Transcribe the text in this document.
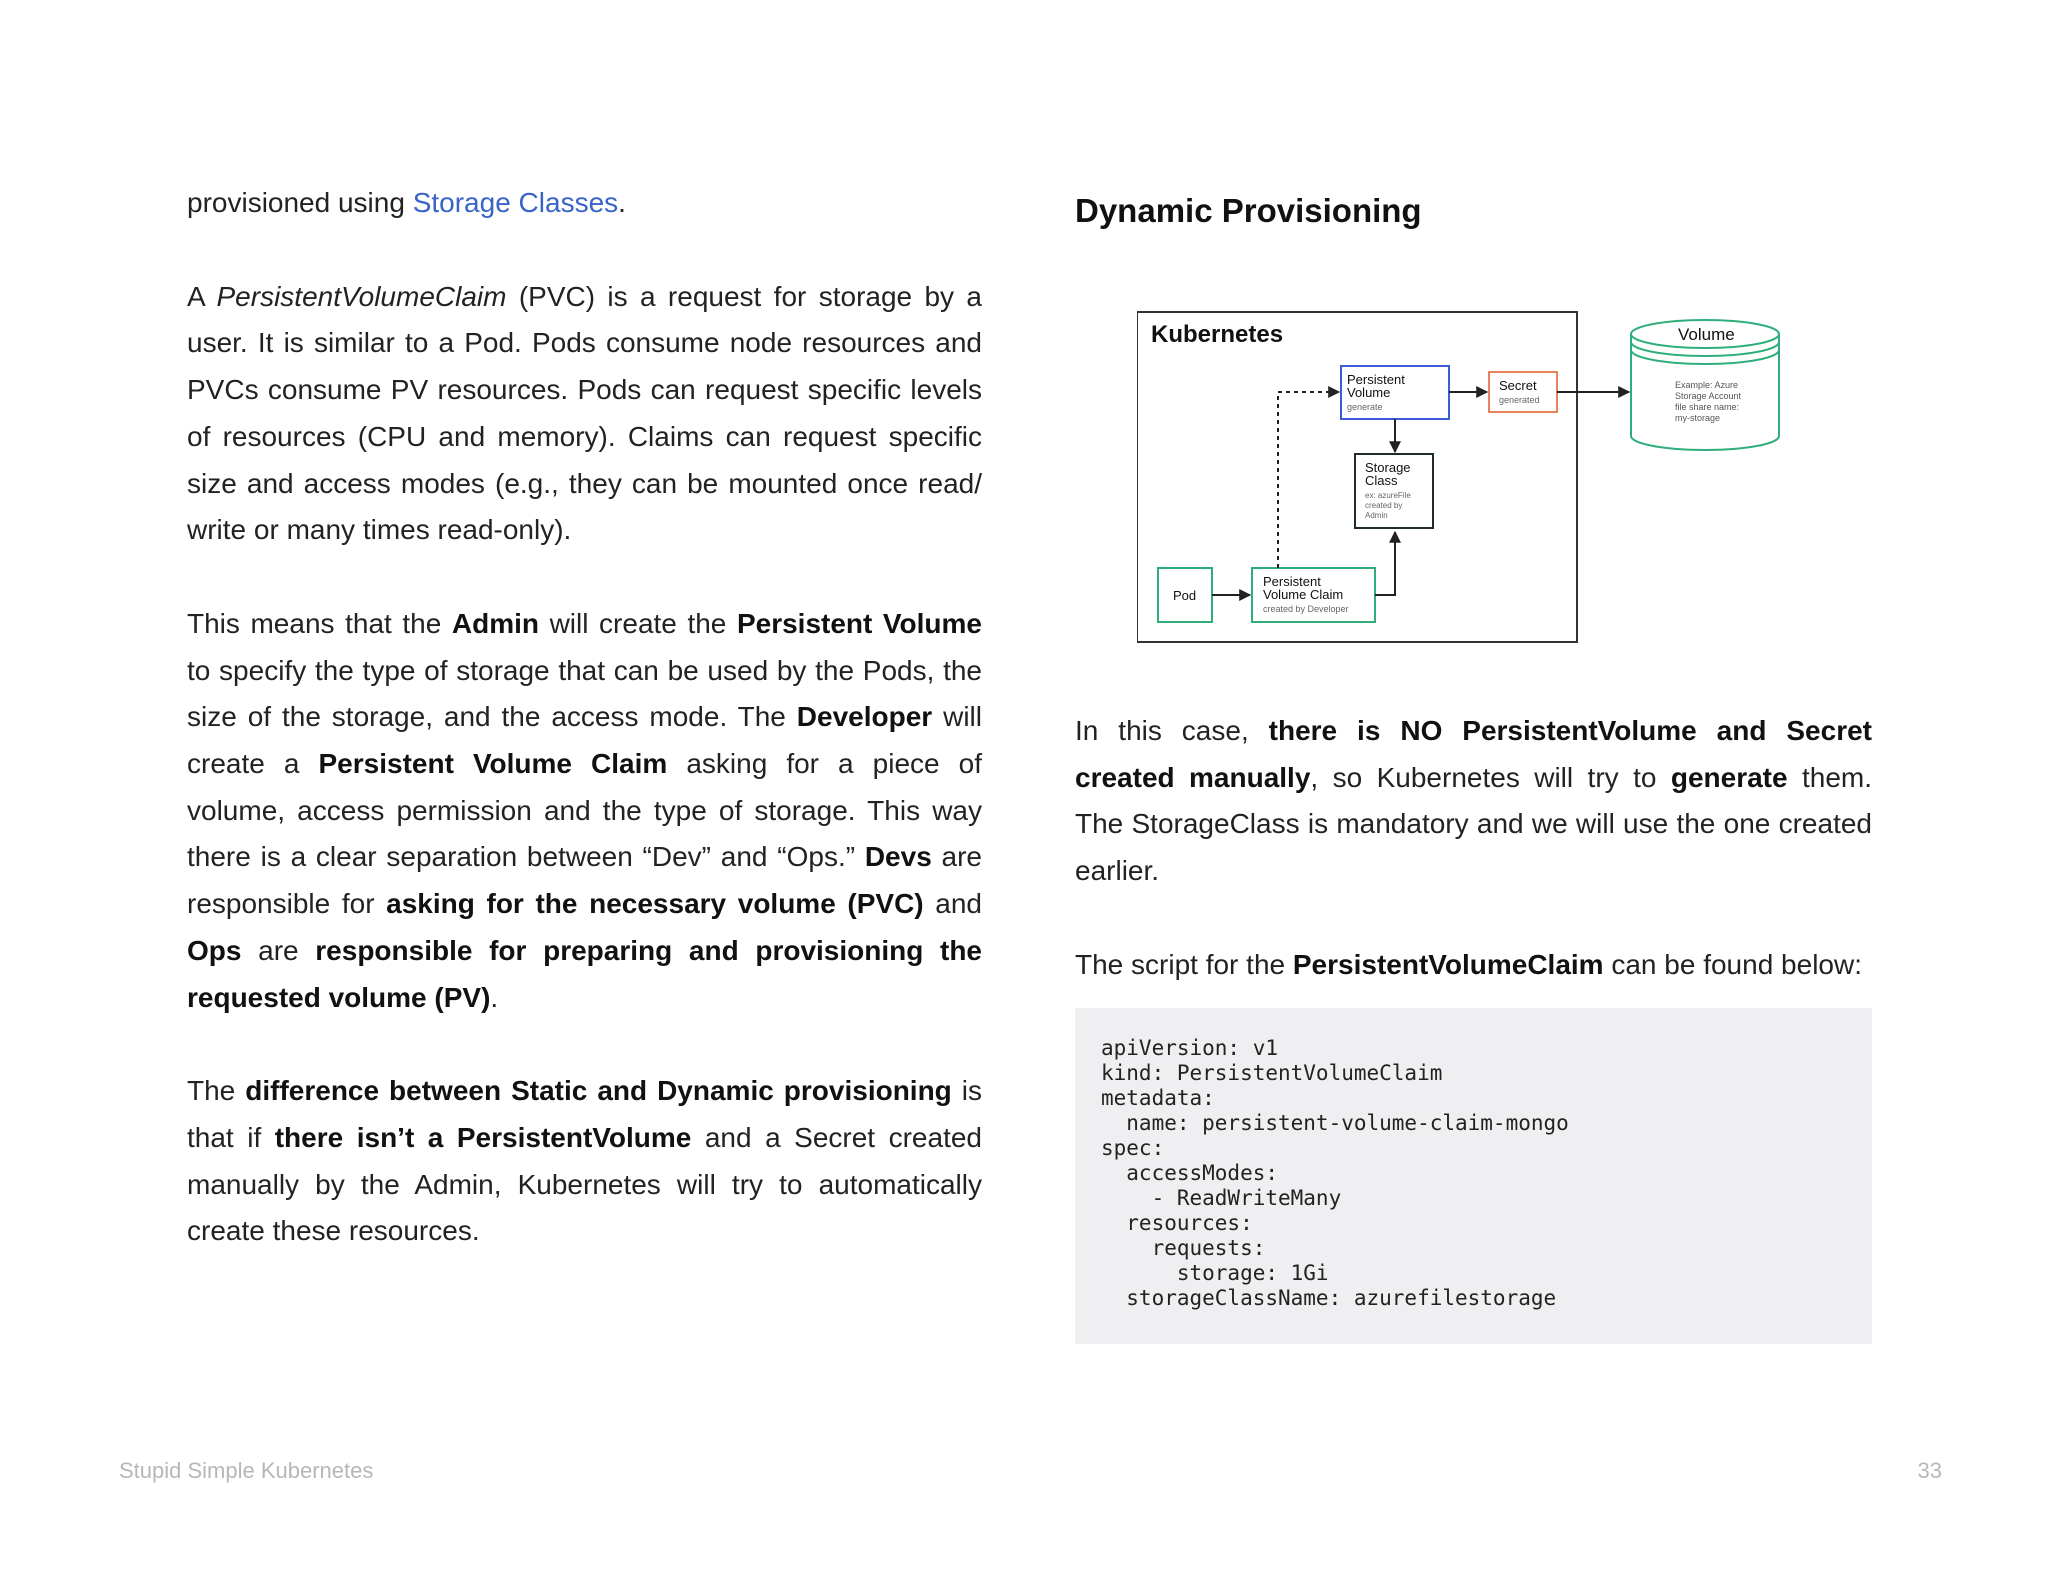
provisioned using Storage Classes.

A PersistentVolumeClaim (PVC) is a request for storage by a user. It is similar to a Pod. Pods consume node resources and PVCs consume PV resources. Pods can request specific levels of resources (CPU and memory). Claims can request specific size and access modes (e.g., they can be mounted once read/ write or many times read-only).

This means that the Admin will create the Persistent Volume to specify the type of storage that can be used by the Pods, the size of the storage, and the access mode. The Developer will create a Persistent Volume Claim asking for a piece of volume, access permission and the type of storage. This way there is a clear separation between “Dev” and “Ops.” Devs are responsible for asking for the necessary volume (PVC) and Ops are responsible for preparing and provisioning the requested volume (PV).

The difference between Static and Dynamic provisioning is that if there isn’t a PersistentVolume and a Secret created manually by the Admin, Kubernetes will try to automatically create these resources.

Dynamic Provisioning

In this case, there is NO PersistentVolume and Secret created manually, so Kubernetes will try to generate them. The StorageClass is mandatory and we will use the one created earlier.

The script for the PersistentVolumeClaim can be found below:

Kubernetes
Persistent
Volume
generate
Secret
generated
Storage
Class
ex: azureFile
created by
Admin
Pod
Persistent
Volume Claim
created by Developer
Volume
Example: Azure
Storage Account
file share name:
my-storage
apiVersion: v1
kind: PersistentVolumeClaim
metadata:
name: persistent-volume-claim-mongo
spec:
accessModes:
- ReadWriteMany
resources:
requests:
storage: 1Gi
storageClassName: azurefilestorage
Stupid Simple Kubernetes	33
